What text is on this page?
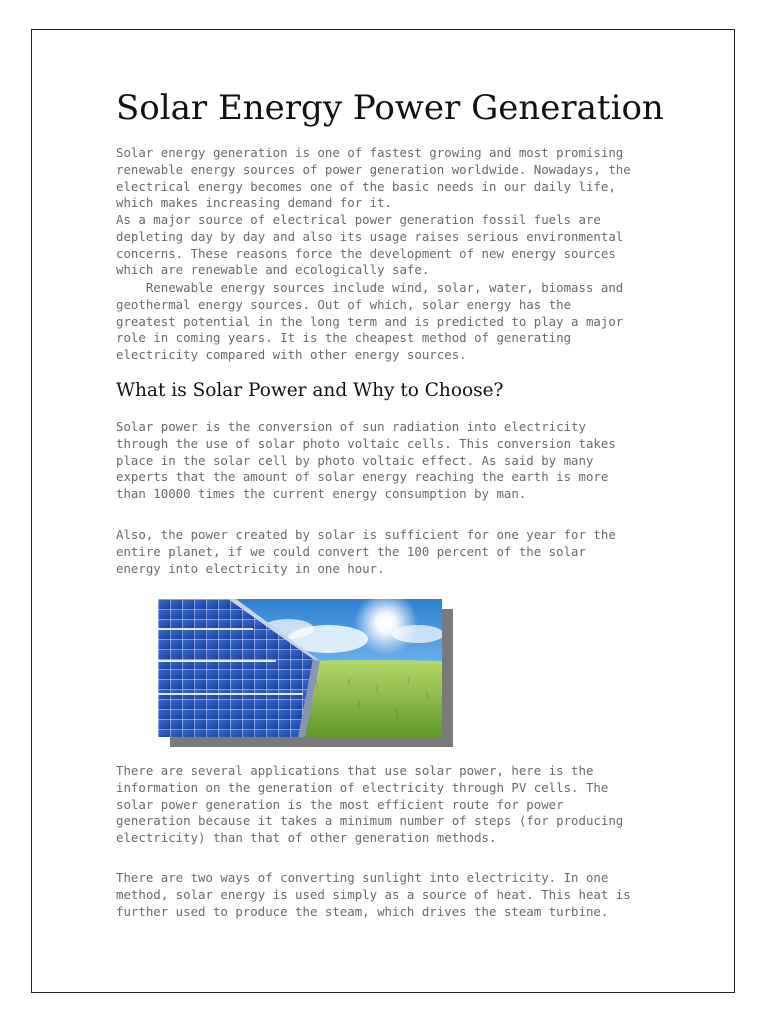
Solar Energy Power Generation

Solar energy generation is one of fastest growing and most promising
renewable energy sources of power generation worldwide. Nowadays, the
electrical energy becomes one of the basic needs in our daily life,
which makes increasing demand for it.

As a major source of electrical power generation fossil fuels are
depleting day by day and also its usage raises serious environmental
concerns. These reasons force the development of new energy sources
which are renewable and ecologically safe.

Renewable energy sources include wind, solar, water, biomass and
geothermal energy sources. Out of which, solar energy has the
greatest potential in the long term and is predicted to play a major
role in coming years. It is the cheapest method of generating
electricity compared with other energy sources.

What is Solar Power and Why to Choose?

Solar power is the conversion of sun radiation into electricity
through the use of solar photo voltaic cells. This conversion takes
place in the solar cell by photo voltaic effect. As said by many
experts that the amount of solar energy reaching the earth is more
than 10000 times the current energy consumption by man.

Also, the power created by solar is sufficient for one year for the
entire planet, if we could convert the 100 percent of the solar
energy into electricity in one hour.

There are several applications that use solar power, here is the
information on the generation of electricity through PV cells. The
solar power generation is the most efficient route for power
generation because it takes a minimum number of steps (for producing
electricity) than that of other generation methods.

There are two ways of converting sunlight into electricity. In one
method, solar energy is used simply as a source of heat. This heat is
further used to produce the steam, which drives the steam turbine.
